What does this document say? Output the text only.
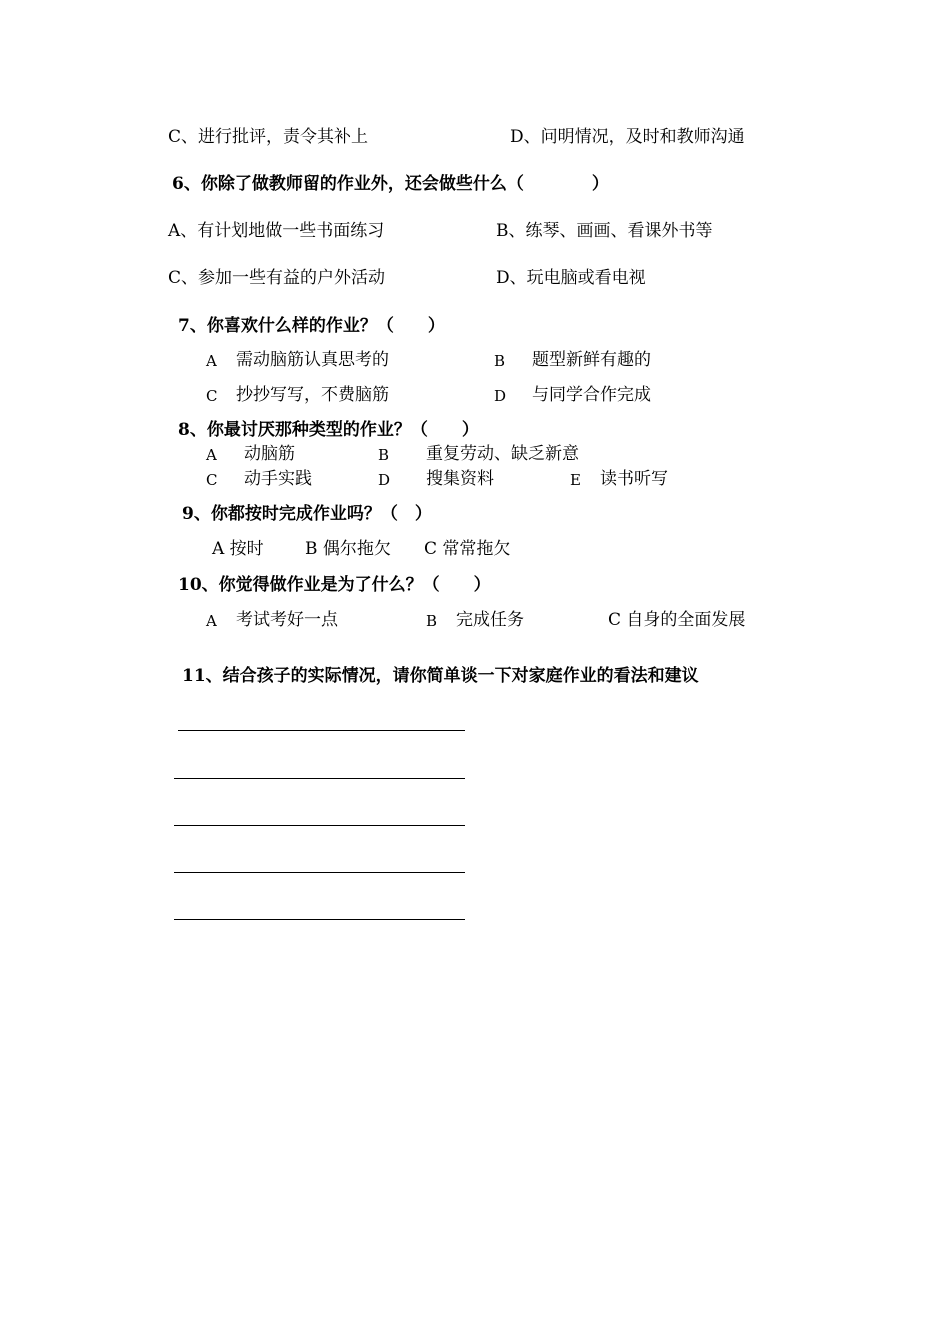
C、进行批评，责令其补上	D、问明情况，及时和教师沟通
6、你除了做教师留的作业外，还会做些什么（　　　　）
A、有计划地做一些书面练习	B、练琴、画画、看课外书等
C、参加一些有益的户外活动	D、玩电脑或看电视
7、你喜欢什么样的作业？（　　）
A 需动脑筋认真思考的	B 题型新鲜有趣的
C 抄抄写写，不费脑筋	D 与同学合作完成
8、你最讨厌那种类型的作业？（　　）
A 动脑筋	B 重复劳动、缺乏新意
C 动手实践	D 搜集资料	E 读书听写
9、你都按时完成作业吗？（　）
A 按时 B 偶尔拖欠 C 常常拖欠
10、你觉得做作业是为了什么？（　　）
A 考试考好一点	B 完成任务	C 自身的全面发展
11、结合孩子的实际情况，请你简单谈一下对家庭作业的看法和建议
